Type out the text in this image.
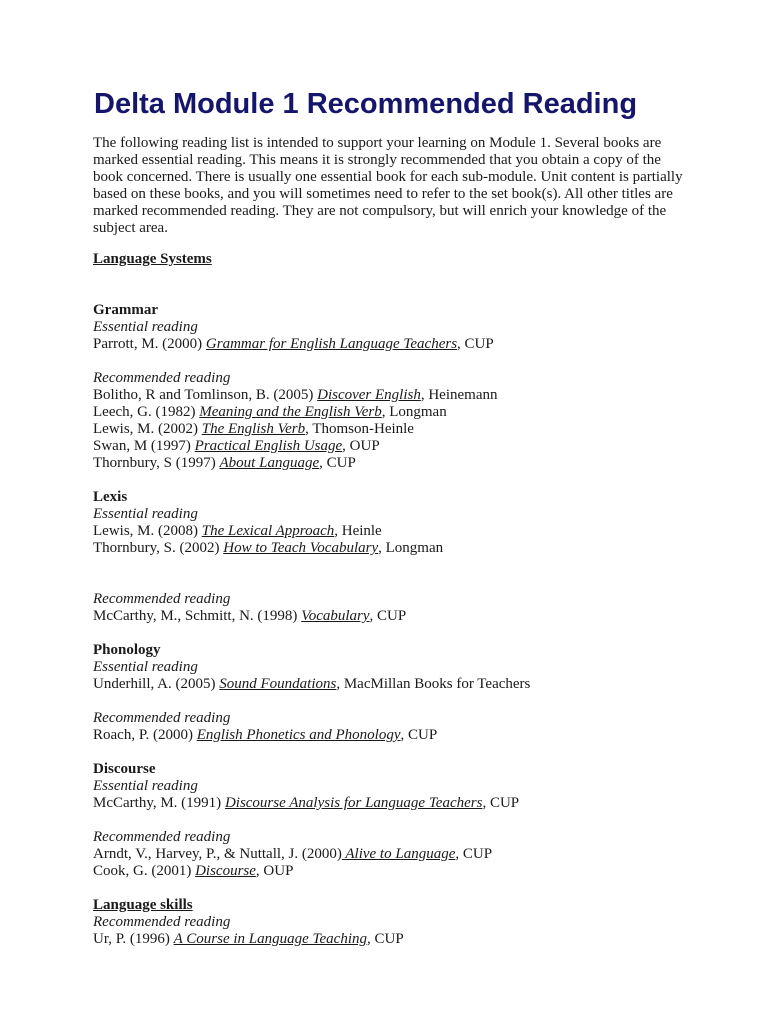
Delta Module 1 Recommended Reading

The following reading list is intended to support your learning on Module 1. Several books are marked essential reading. This means it is strongly recommended that you obtain a copy of the book concerned. There is usually one essential book for each sub-module. Unit content is partially based on these books, and you will sometimes need to refer to the set book(s). All other titles are marked recommended reading. They are not compulsory, but will enrich your knowledge of the subject area.

Language Systems
Grammar
Essential reading
Parrott, M. (2000) Grammar for English Language Teachers, CUP
Recommended reading
Bolitho, R and Tomlinson, B. (2005) Discover English, Heinemann
Leech, G. (1982) Meaning and the English Verb, Longman
Lewis, M. (2002) The English Verb, Thomson-Heinle
Swan, M (1997) Practical English Usage, OUP
Thornbury, S (1997) About Language, CUP
Lexis
Essential reading
Lewis, M. (2008) The Lexical Approach, Heinle
Thornbury, S. (2002) How to Teach Vocabulary, Longman
Recommended reading
McCarthy, M., Schmitt, N. (1998) Vocabulary, CUP
Phonology
Essential reading
Underhill, A. (2005) Sound Foundations, MacMillan Books for Teachers
Recommended reading
Roach, P. (2000) English Phonetics and Phonology, CUP
Discourse
Essential reading
McCarthy, M. (1991) Discourse Analysis for Language Teachers, CUP
Recommended reading
Arndt, V., Harvey, P., & Nuttall, J. (2000) Alive to Language, CUP
Cook, G. (2001) Discourse, OUP
Language skills
Recommended reading
Ur, P. (1996) A Course in Language Teaching, CUP
